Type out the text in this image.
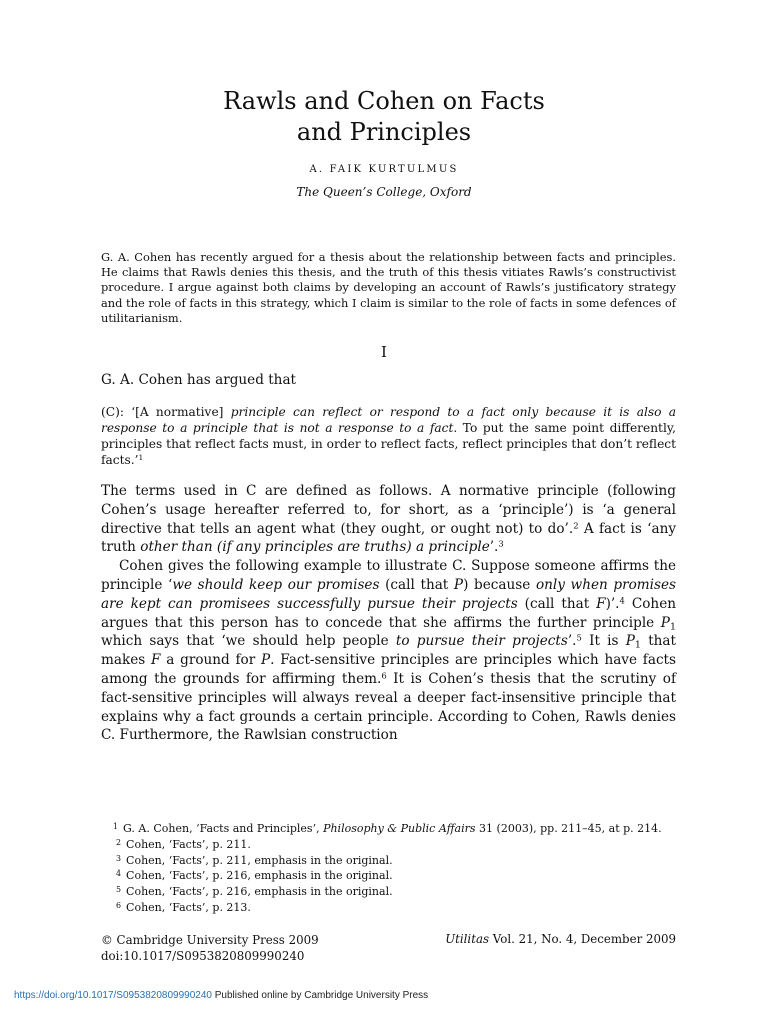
Rawls and Cohen on Facts
and Principles
A. FAIK KURTULMUS
The Queen’s College, Oxford

G. A. Cohen has recently argued for a thesis about the relationship between facts and principles. He claims that Rawls denies this thesis, and the truth of this thesis vitiates Rawls’s constructivist procedure. I argue against both claims by developing an account of Rawls’s justificatory strategy and the role of facts in this strategy, which I claim is similar to the role of facts in some defences of utilitarianism.

I

G. A. Cohen has argued that

(C): ‘[A normative] principle can reflect or respond to a fact only because it is also a response to a principle that is not a response to a fact. To put the same point differently, principles that reflect facts must, in order to reflect facts, reflect principles that don’t reflect facts.’$^1$

The terms used in C are defined as follows. A normative principle (following Cohen’s usage hereafter referred to, for short, as a ‘principle’) is ‘a general directive that tells an agent what (they ought, or ought not) to do’.$^2$ A fact is ‘any truth other than (if any principles are truths) a principle’.$^3$

Cohen gives the following example to illustrate C. Suppose someone affirms the principle ‘we should keep our promises (call that P) because only when promises are kept can promisees successfully pursue their projects (call that F)’.$^4$ Cohen argues that this person has to concede that she affirms the further principle $P_1$ which says that ‘we should help people to pursue their projects’.$^5$ It is $P_1$ that makes F a ground for P. Fact-sensitive principles are principles which have facts among the grounds for affirming them.$^6$ It is Cohen’s thesis that the scrutiny of fact-sensitive principles will always reveal a deeper fact-insensitive principle that explains why a fact grounds a certain principle. According to Cohen, Rawls denies C. Furthermore, the Rawlsian construction

$^1$ G. A. Cohen, ‘Facts and Principles’, Philosophy & Public Affairs 31 (2003), pp. 211–45, at p. 214.

$^2$ Cohen, ‘Facts’, p. 211.

$^3$ Cohen, ‘Facts’, p. 211, emphasis in the original.

$^4$ Cohen, ‘Facts’, p. 216, emphasis in the original.

$^5$ Cohen, ‘Facts’, p. 216, emphasis in the original.

$^6$ Cohen, ‘Facts’, p. 213.

© Cambridge University Press 2009
doi:10.1017/S0953820809990240
Utilitas Vol. 21, No. 4, December 2009
https://doi.org/10.1017/S0953820809990240 Published online by Cambridge University Press
